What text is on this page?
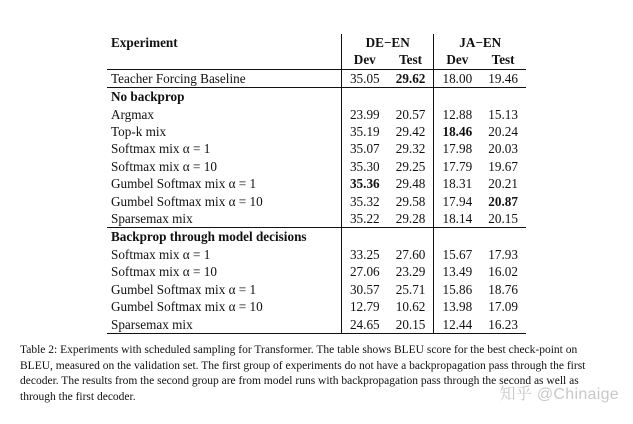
Experiment	DE−EN		JA−EN	
	Dev	Test	Dev	Test
Teacher Forcing Baseline	35.05	29.62	18.00	19.46
No backprop				
Argmax	23.99	20.57	12.88	15.13
Top-k mix	35.19	29.42	18.46	20.24
Softmax mix α = 1	35.07	29.32	17.98	20.03
Softmax mix α = 10	35.30	29.25	17.79	19.67
Gumbel Softmax mix α = 1	35.36	29.48	18.31	20.21
Gumbel Softmax mix α = 10	35.32	29.58	17.94	20.87
Sparsemax mix	35.22	29.28	18.14	20.15
Backprop through model decisions				
Softmax mix α = 1	33.25	27.60	15.67	17.93
Softmax mix α = 10	27.06	23.29	13.49	16.02
Gumbel Softmax mix α = 1	30.57	25.71	15.86	18.76
Gumbel Softmax mix α = 10	12.79	10.62	13.98	17.09
Sparsemax mix	24.65	20.15	12.44	16.23
Table 2: Experiments with scheduled sampling for Transformer. The table shows BLEU score for the best check-point on BLEU, measured on the validation set. The first group of experiments do not have a backpropagation pass through the first decoder. The results from the second group are from model runs with backpropagation pass through the second as well as through the first decoder.	知乎 @Chinaige
